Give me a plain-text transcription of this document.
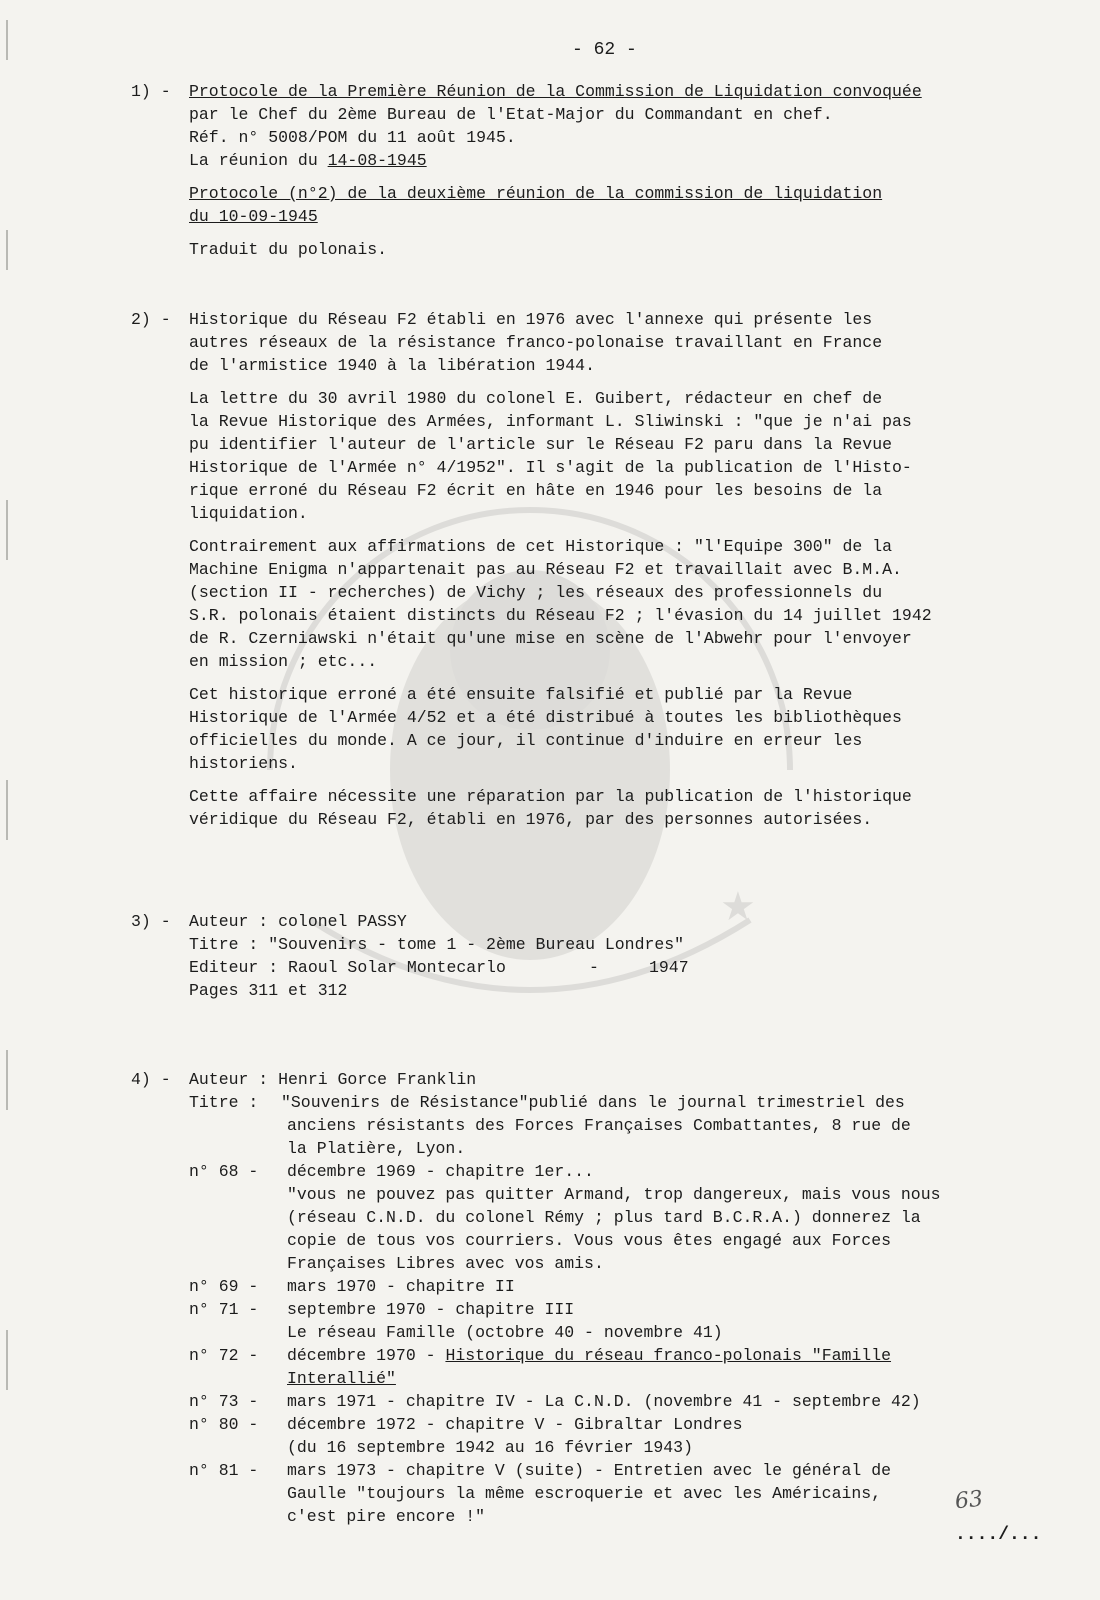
★
- 62 -
1) - Protocole de la Première Réunion de la Commission de Liquidation convoquée
par le Chef du 2ème Bureau de l'Etat-Major du Commandant en chef.
Réf. n° 5008/POM du 11 août 1945.
La réunion du 14-08-1945
Protocole (n°2) de la deuxième réunion de la commission de liquidation
du 10-09-1945
Traduit du polonais.
2) - Historique du Réseau F2 établi en 1976 avec l'annexe qui présente les
autres réseaux de la résistance franco-polonaise travaillant en France
de l'armistice 1940 à la libération 1944.

La lettre du 30 avril 1980 du colonel E. Guibert, rédacteur en chef de
la Revue Historique des Armées, informant L. Sliwinski : "que je n'ai pas
pu identifier l'auteur de l'article sur le Réseau F2 paru dans la Revue
Historique de l'Armée n° 4/1952". Il s'agit de la publication de l'Histo-
rique erroné du Réseau F2 écrit en hâte en 1946 pour les besoins de la
liquidation.

Contrairement aux affirmations de cet Historique : "l'Equipe 300" de la
Machine Enigma n'appartenait pas au Réseau F2 et travaillait avec B.M.A.
(section II - recherches) de Vichy ; les réseaux des professionnels du
S.R. polonais étaient distincts du Réseau F2 ; l'évasion du 14 juillet 1942
de R. Czerniawski n'était qu'une mise en scène de l'Abwehr pour l'envoyer
en mission ; etc...

Cet historique erroné a été ensuite falsifié et publié par la Revue
Historique de l'Armée 4/52 et a été distribué à toutes les bibliothèques
officielles du monde. A ce jour, il continue d'induire en erreur les
historiens.

Cette affaire nécessite une réparation par la publication de l'historique
véridique du Réseau F2, établi en 1976, par des personnes autorisées.

3) - Auteur : colonel PASSY
Titre : "Souvenirs - tome 1 - 2ème Bureau Londres"
Editeur : Raoul Solar Montecarlo	-	1947
Pages 311 et 312
4) - Auteur : Henri Gorce Franklin
Titre : "Souvenirs de Résistance"publié dans le journal trimestriel des
anciens résistants des Forces Françaises Combattantes, 8 rue de
la Platière, Lyon.
n° 68 - décembre 1969 - chapitre 1er...
"vous ne pouvez pas quitter Armand, trop dangereux, mais vous nous
(réseau C.N.D. du colonel Rémy ; plus tard B.C.R.A.) donnerez la
copie de tous vos courriers. Vous vous êtes engagé aux Forces
Françaises Libres avec vos amis.
n° 69 - mars 1970 - chapitre II
n° 71 - septembre 1970 - chapitre III
Le réseau Famille (octobre 40 - novembre 41)
n° 72 - décembre 1970 - Historique du réseau franco-polonais "Famille
Interallié"
n° 73 - mars 1971 - chapitre IV - La C.N.D. (novembre 41 - septembre 42)
n° 80 - décembre 1972 - chapitre V - Gibraltar Londres
(du 16 septembre 1942 au 16 février 1943)
n° 81 - mars 1973 - chapitre V (suite) - Entretien avec le général de
Gaulle "toujours la même escroquerie et avec les Américains,
c'est pire encore !"
63
..../...
